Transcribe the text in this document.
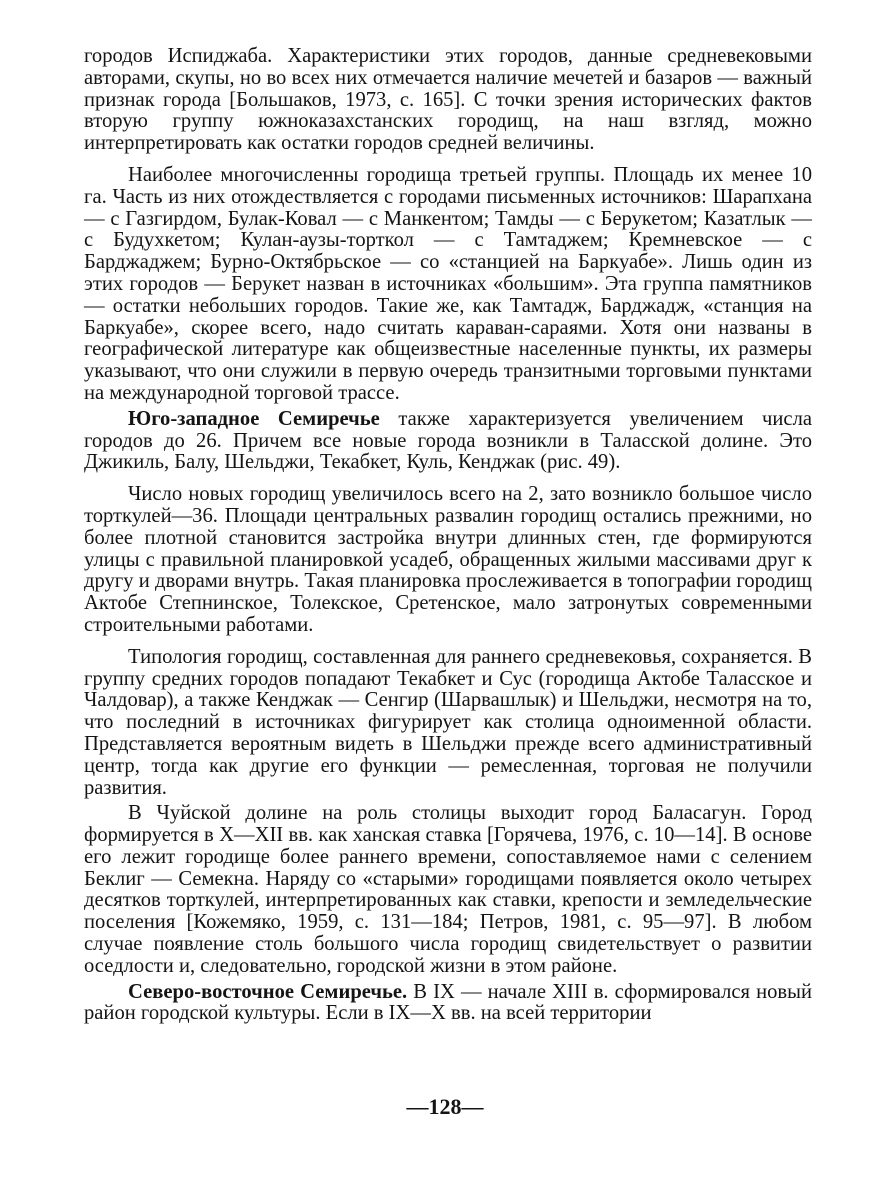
городов Испиджаба. Характеристики этих городов, данные средневековыми авторами, скупы, но во всех них отмечается наличие мечетей и базаров — важный признак города [Большаков, 1973, с. 165]. С точки зрения исторических фактов вторую группу южноказахстанских городищ, на наш взгляд, можно интерпретировать как остатки городов средней величины.

Наиболее многочисленны городища третьей группы. Площадь их менее 10 га. Часть из них отождествляется с городами письменных источников: Шарапхана — с Газгирдом, Булак-Ковал — с Манкентом; Тамды — с Берукетом; Казатлык — с Будухкетом; Кулан-аузы-торткол — с Тамтаджем; Кремневское — с Барджаджем; Бурно-Октябрьское — со «станцией на Баркуабе». Лишь один из этих городов — Берукет назван в источниках «большим». Эта группа памятников — остатки небольших городов. Такие же, как Тамтадж, Барджадж, «станция на Баркуабе», скорее всего, надо считать караван-сараями. Хотя они названы в географической литературе как общеизвестные населенные пункты, их размеры указывают, что они служили в первую очередь транзитными торговыми пунктами на международной торговой трассе.

Юго-западное Семиречье также характеризуется увеличением числа городов до 26. Причем все новые города возникли в Таласской долине. Это Джикиль, Балу, Шельджи, Текабкет, Куль, Кенджак (рис. 49).

Число новых городищ увеличилось всего на 2, зато возникло большое число торткулей—36. Площади центральных развалин городищ остались прежними, но более плотной становится застройка внутри длинных стен, где формируются улицы с правильной планировкой усадеб, обращенных жилыми массивами друг к другу и дворами внутрь. Такая планировка прослеживается в топографии городищ Актобе Степнинское, Толекское, Сретенское, мало затронутых современными строительными работами.

Типология городищ, составленная для раннего средневековья, сохраняется. В группу средних городов попадают Текабкет и Сус (городища Актобе Таласское и Чалдовар), а также Кенджак — Сенгир (Шарвашлык) и Шельджи, несмотря на то, что последний в источниках фигурирует как столица одноименной области. Представляется вероятным видеть в Шельджи прежде всего административный центр, тогда как другие его функции — ремесленная, торговая не получили развития.

В Чуйской долине на роль столицы выходит город Баласагун. Город формируется в X—XII вв. как ханская ставка [Горячева, 1976, с. 10—14]. В основе его лежит городище более раннего времени, сопоставляемое нами с селением Беклиг — Семекна. Наряду со «старыми» городищами появляется около четырех десятков торткулей, интерпретированных как ставки, крепости и земледельческие поселения [Кожемяко, 1959, с. 131—184; Петров, 1981, с. 95—97]. В любом случае появление столь большого числа городищ свидетельствует о развитии оседлости и, следовательно, городской жизни в этом районе.

Северо-восточное Семиречье. В IX — начале XIII в. сформировался новый район городской культуры. Если в IX—X вв. на всей территории

—128—
